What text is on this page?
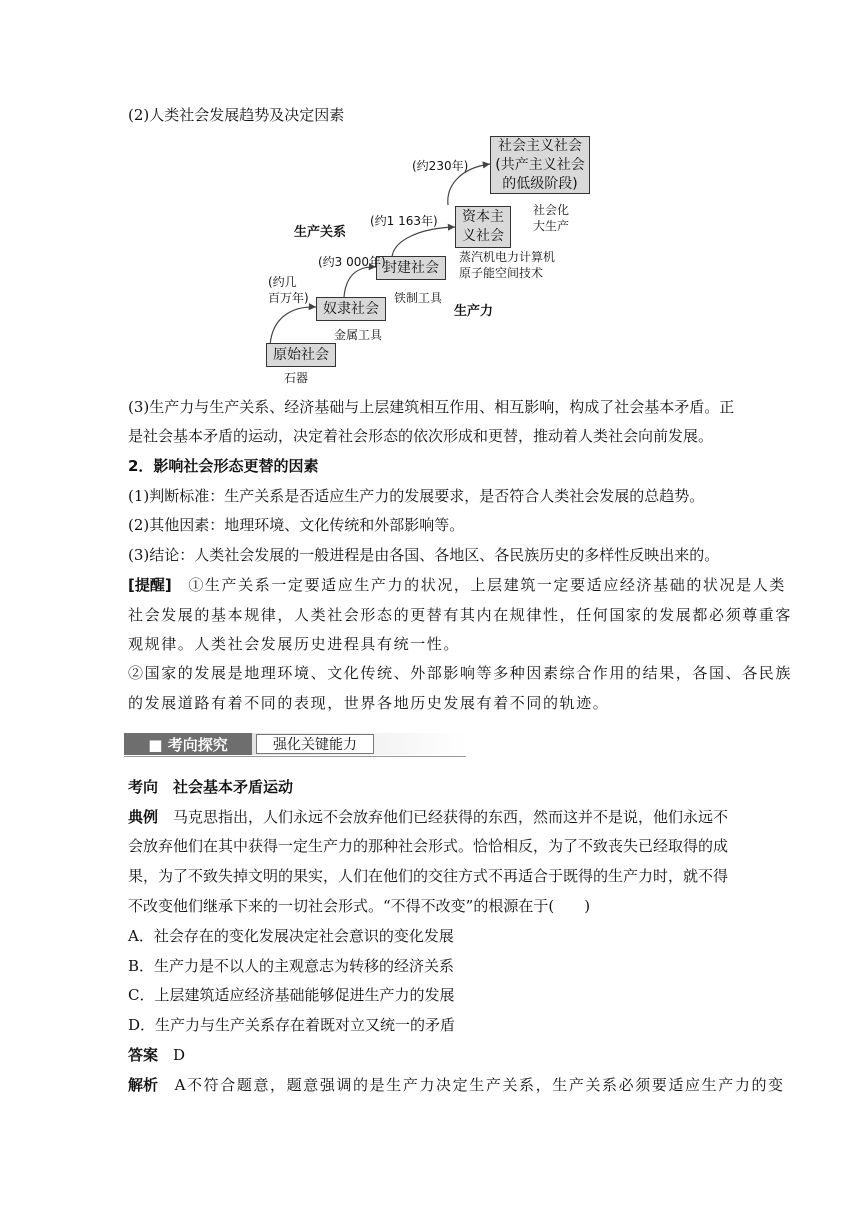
(2)人类社会发展趋势及决定因素
原始社会
奴隶社会
封建社会
资本主
义社会
社会主义社会
(共产主义社会
的低级阶段)
(约几
百万年)
(约3 000年)
(约1 163年)
(约230年)
石器
金属工具
铁制工具
蒸汽机电力计算机
原子能空间技术
社会化
大生产
生产关系
生产力
(3)生产力与生产关系、经济基础与上层建筑相互作用、相互影响，构成了社会基本矛盾。正
是社会基本矛盾的运动，决定着社会形态的依次形成和更替，推动着人类社会向前发展。
2．影响社会形态更替的因素
(1)判断标准：生产关系是否适应生产力的发展要求，是否符合人类社会发展的总趋势。
(2)其他因素：地理环境、文化传统和外部影响等。
(3)结论：人类社会发展的一般进程是由各国、各地区、各民族历史的多样性反映出来的。
[提醒]　 ①生产关系一定要适应生产力的状况，上层建筑一定要适应经济基础的状况是人类
社会发展的基本规律，人类社会形态的更替有其内在规律性，任何国家的发展都必须尊重客
观规律。人类社会发展历史进程具有统一性。
②国家的发展是地理环境、文化传统、外部影响等多种因素综合作用的结果，各国、各民族
的发展道路有着不同的表现，世界各地历史发展有着不同的轨迹。
■ 考向探究	强化关键能力
考向　 社会基本矛盾运动
典例　 马克思指出，人们永远不会放弃他们已经获得的东西，然而这并不是说，他们永远不
会放弃他们在其中获得一定生产力的那种社会形式。恰恰相反，为了不致丧失已经取得的成
果，为了不致失掉文明的果实，人们在他们的交往方式不再适合于既得的生产力时，就不得
不改变他们继承下来的一切社会形式。“不得不改变”的根源在于(　　)
A．社会存在的变化发展决定社会意识的变化发展
B．生产力是不以人的主观意志为转移的经济关系
C．上层建筑适应经济基础能够促进生产力的发展
D．生产力与生产关系存在着既对立又统一的矛盾
答案　 D
解析　 A不符合题意，题意强调的是生产力决定生产关系，生产关系必须要适应生产力的变
